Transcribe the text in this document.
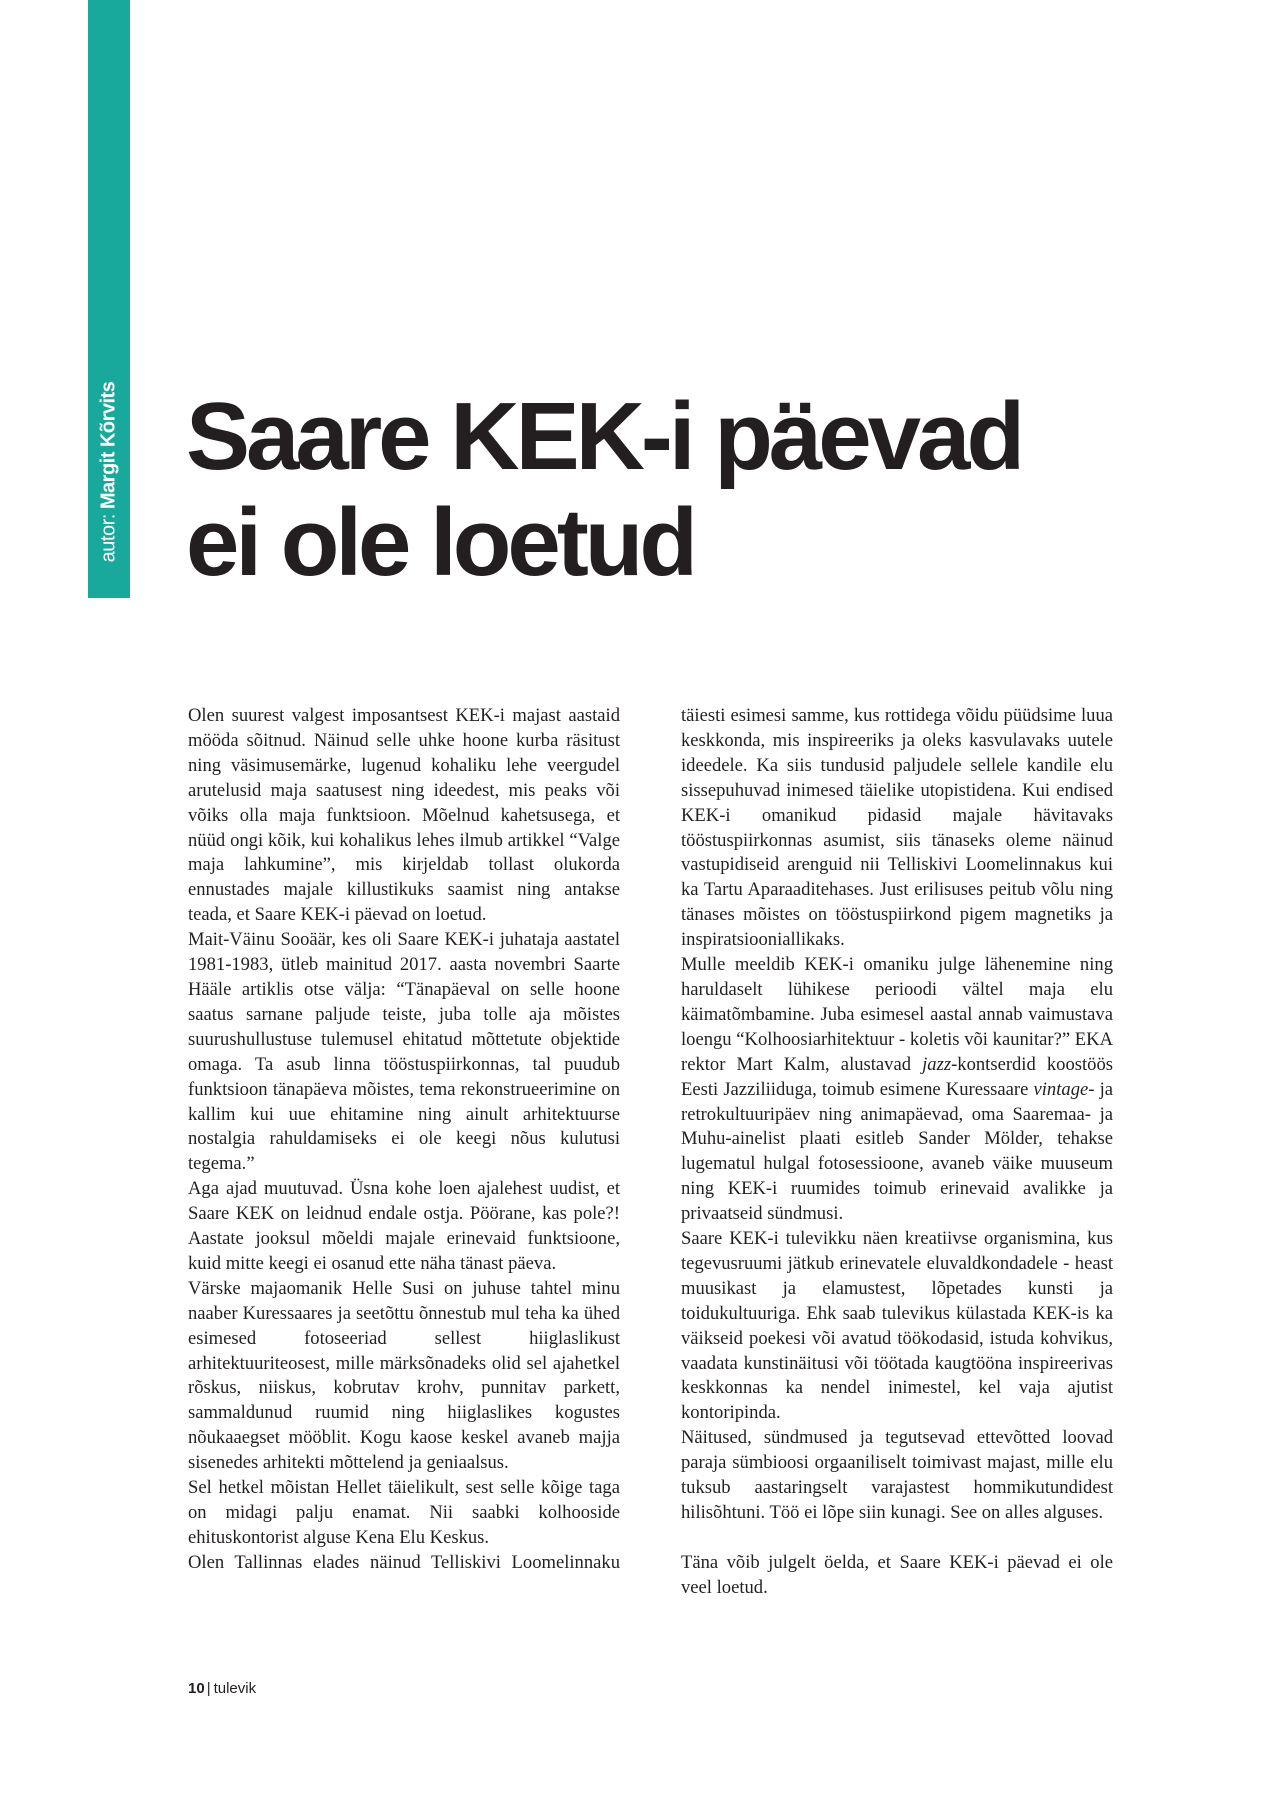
autor: Margit Kõrvits Saare KEK-i päevad
ei ole loetud

Olen suurest valgest imposantsest KEK-i majast aastaid mööda sõitnud. Näinud selle uhke hoone kurba räsitust ning väsimusemärke, lugenud kohaliku lehe veergudel arutelusid maja saatusest ning ideedest, mis peaks või võiks olla maja funktsioon. Mõelnud kahetsusega, et nüüd ongi kõik, kui kohalikus lehes ilmub artikkel “Valge maja lahkumine”, mis kirjeldab tollast olukorda ennustades majale killustikuks saamist ning antakse teada, et Saare KEK-i päevad on loetud.

Mait-Väinu Sooäär, kes oli Saare KEK-i juhataja aastatel 1981-1983, ütleb mainitud 2017. aasta novembri Saarte Hääle artiklis otse välja: “Tänapäeval on selle hoone saatus sarnane paljude teiste, juba tolle aja mõistes suurushullustuse tulemusel ehitatud mõttetute objektide omaga. Ta asub linna tööstuspiirkonnas, tal puudub funktsioon tänapäeva mõistes, tema rekonstrueerimine on kallim kui uue ehitamine ning ainult arhitektuurse nostalgia rahuldamiseks ei ole keegi nõus kulutusi tegema.”

Aga ajad muutuvad. Üsna kohe loen ajalehest uudist, et Saare KEK on leidnud endale ostja. Pöörane, kas pole?! Aastate jooksul mõeldi majale erinevaid funktsioone, kuid mitte keegi ei osanud ette näha tänast päeva.

Värske majaomanik Helle Susi on juhuse tahtel minu naaber Kuressaares ja seetõttu õnnestub mul teha ka ühed esimesed fotoseeriad sellest hiiglaslikust arhitektuuriteosest, mille märksõnadeks olid sel ajahetkel rõskus, niiskus, kobrutav krohv, punnitav parkett, sammaldunud ruumid ning hiiglaslikes kogustes nõukaaegset mööblit. Kogu kaose keskel avaneb majja sisenedes arhitekti mõttelend ja geniaalsus.

Sel hetkel mõistan Hellet täielikult, sest selle kõige taga on midagi palju enamat. Nii saabki kolhooside ehituskontorist alguse Kena Elu Keskus.

Olen Tallinnas elades näinud Telliskivi Loomelinnaku

täiesti esimesi samme, kus rottidega võidu püüdsime luua keskkonda, mis inspireeriks ja oleks kasvulavaks uutele ideedele. Ka siis tundusid paljudele sellele kandile elu sissepuhuvad inimesed täielike utopistidena. Kui endised KEK-i omanikud pidasid majale hävitavaks tööstuspiirkonnas asumist, siis tänaseks oleme näinud vastupidiseid arenguid nii Telliskivi Loomelinnakus kui ka Tartu Aparaaditehases. Just erilisuses peitub võlu ning tänases mõistes on tööstuspiirkond pigem magnetiks ja inspiratsiooniallikaks.

Mulle meeldib KEK-i omaniku julge lähenemine ning haruldaselt lühikese perioodi vältel maja elu käimatõmbamine. Juba esimesel aastal annab vaimustava loengu “Kolhoosiarhitektuur - koletis või kaunitar?” EKA rektor Mart Kalm, alustavad jazz-kontserdid koostöös Eesti Jazziliiduga, toimub esimene Kuressaare vintage- ja retrokultuuripäev ning animapäevad, oma Saaremaa- ja Muhu-ainelist plaati esitleb Sander Mölder, tehakse lugematul hulgal fotosessioone, avaneb väike muuseum ning KEK-i ruumides toimub erinevaid avalikke ja privaatseid sündmusi.

Saare KEK-i tulevikku näen kreatiivse organismina, kus tegevusruumi jätkub erinevatele eluvaldkondadele - heast muusikast ja elamustest, lõpetades kunsti ja toidukultuuriga. Ehk saab tulevikus külastada KEK-is ka väikseid poekesi või avatud töökodasid, istuda kohvikus, vaadata kunstinäitusi või töötada kaugtööna inspireerivas keskkonnas ka nendel inimestel, kel vaja ajutist kontoripinda.

Näitused, sündmused ja tegutsevad ettevõtted loovad paraja sümbioosi orgaaniliselt toimivast majast, mille elu tuksub aastaringselt varajastest hommikutundidest hilisõhtuni. Töö ei lõpe siin kunagi. See on alles alguses.

Täna võib julgelt öelda, et Saare KEK-i päevad ei ole veel loetud.

10 | tulevik
